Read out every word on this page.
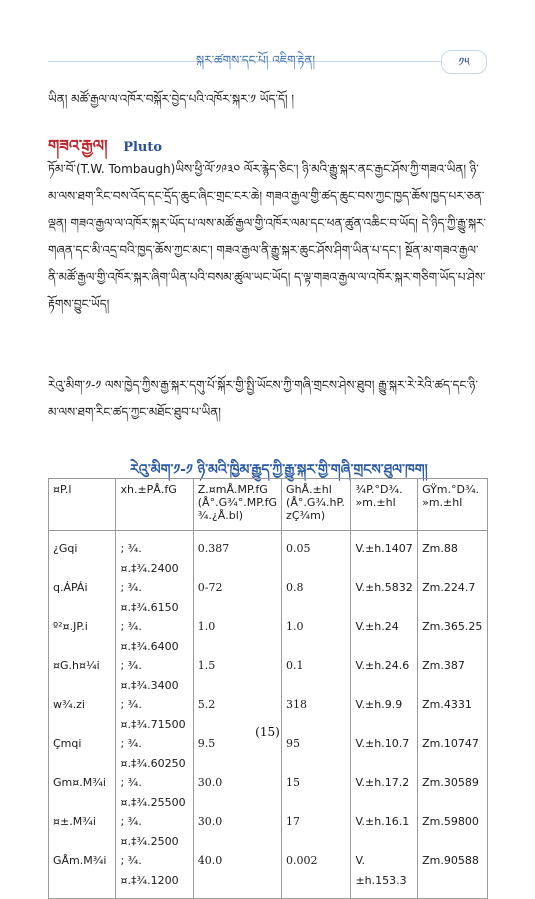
སྐར་ཚགས་དང་པོ། འཇིག་རྟེན།	༡༥
ཡིན། མཚོ་རྒྱལ་ལ་འཁོར་བསྐོར་བྱེད་པའི་འཁོར་སྐར་༡ ཡོད་དོ། །
གཟའ་རྒྱལ། Pluto
ཏོམ་བོ་(T.W. Tombaugh)ཡིས་ཕྱི་ལོ་༡༩༣༠ ལོར་རྙེད་ཅིང་། ཉི་མའི་རྒྱུ་སྐར་ནང་རྒྱང་ཤོས་ཀྱི་གཟའ་ཡིན། ཉི་མ་ལས་ཐག་རིང་བས་འོད་དང་དྲོད་ཆུང་ཞིང་གྲང་ངར་ཆེ། གཟའ་རྒྱལ་གྱི་ཚད་ཆུང་བས་ཀྱང་ཁྱད་ཆོས་ཁྱད་པར་ཅན་ལྡན། གཟའ་རྒྱལ་ལ་འཁོར་སྐར་ཡོད་པ་ལས་མཚོ་རྒྱལ་གྱི་འཁོར་ལམ་དང་ཕན་ཚུན་འཆིང་བ་ཡོད། དེ་ཉིད་ཀྱི་རྒྱུ་སྐར་གཞན་དང་མི་འདྲ་བའི་ཁྱད་ཆོས་ཀྱང་མང་། གཟའ་རྒྱལ་ནི་རྒྱུ་སྐར་ཆུང་ཤོས་ཤིག་ཡིན་པ་དང་། སྔོན་མ་གཟའ་རྒྱལ་ནི་མཚོ་རྒྱལ་གྱི་འཁོར་སྐར་ཞིག་ཡིན་པའི་བསམ་ཚུལ་ཡང་ཡོད། ད་ལྟ་གཟའ་རྒྱལ་ལ་འཁོར་སྐར་གཅིག་ཡོད་པ་ཤེས་རྟོགས་བྱུང་ཡོད།
རེའུ་མིག་༡-༡ ལས་ཁྱེད་ཀྱིས་རྒྱ་སྐར་དགུ་པོ་སྐོར་གྱི་སྤྱི་ཡོངས་ཀྱི་གཞི་གྲངས་ཤེས་ཐུབ། རྒྱུ་སྐར་རེ་རེའི་ཚད་དང་ཉི་མ་ལས་ཐག་རིང་ཚད་ཀྱང་མཐོང་ཐུབ་པ་ཡིན།
རེའུ་མིག་༡-༡ ཉི་མའི་ཁྱིམ་རྒྱུད་ཀྱི་རྒྱུ་སྐར་གྱི་གཞི་གྲངས་ཐུལ་ཁག།
¤P.l	xh.±PÅ.fG	Z.¤mÅ.MP.fG (Å°.G¾°.MP.fG ¾.¿Å.bl)	GhÅ.±hl (Å°.G¾.hP. zÇ¾m)	¾P.°D¾. »m.±hl	GŸm.°D¾. »m.±hl
¿Gqi	; ¾.¤.‡¾.2400	0.387	0.05	V.±h.1407	Zm.88
q.ÁPÁi	; ¾.¤.‡¾.6150	0-72	0.8	V.±h.5832	Zm.224.7
º²¤.JP.i	; ¾.¤.‡¾.6400	1.0	1.0	V.±h.24	Zm.365.25
¤G.h¤¼i	; ¾.¤.‡¾.3400	1.5	0.1	V.±h.24.6	Zm.387
w¾.zi	; ¾.¤.‡¾.71500	5.2	318	V.±h.9.9	Zm.4331
Çmqi	; ¾.¤.‡¾.60250	9.5	95	V.±h.10.7	Zm.10747
Gm¤.M¾i	; ¾.¤.‡¾.25500	30.0	15	V.±h.17.2	Zm.30589
¤±.M¾i	; ¾.¤.‡¾.2500	30.0	17	V.±h.16.1	Zm.59800
GÅm.M¾i	; ¾.¤.‡¾.1200	40.0	0.002	V.±h.153.3	Zm.90588
(15)
